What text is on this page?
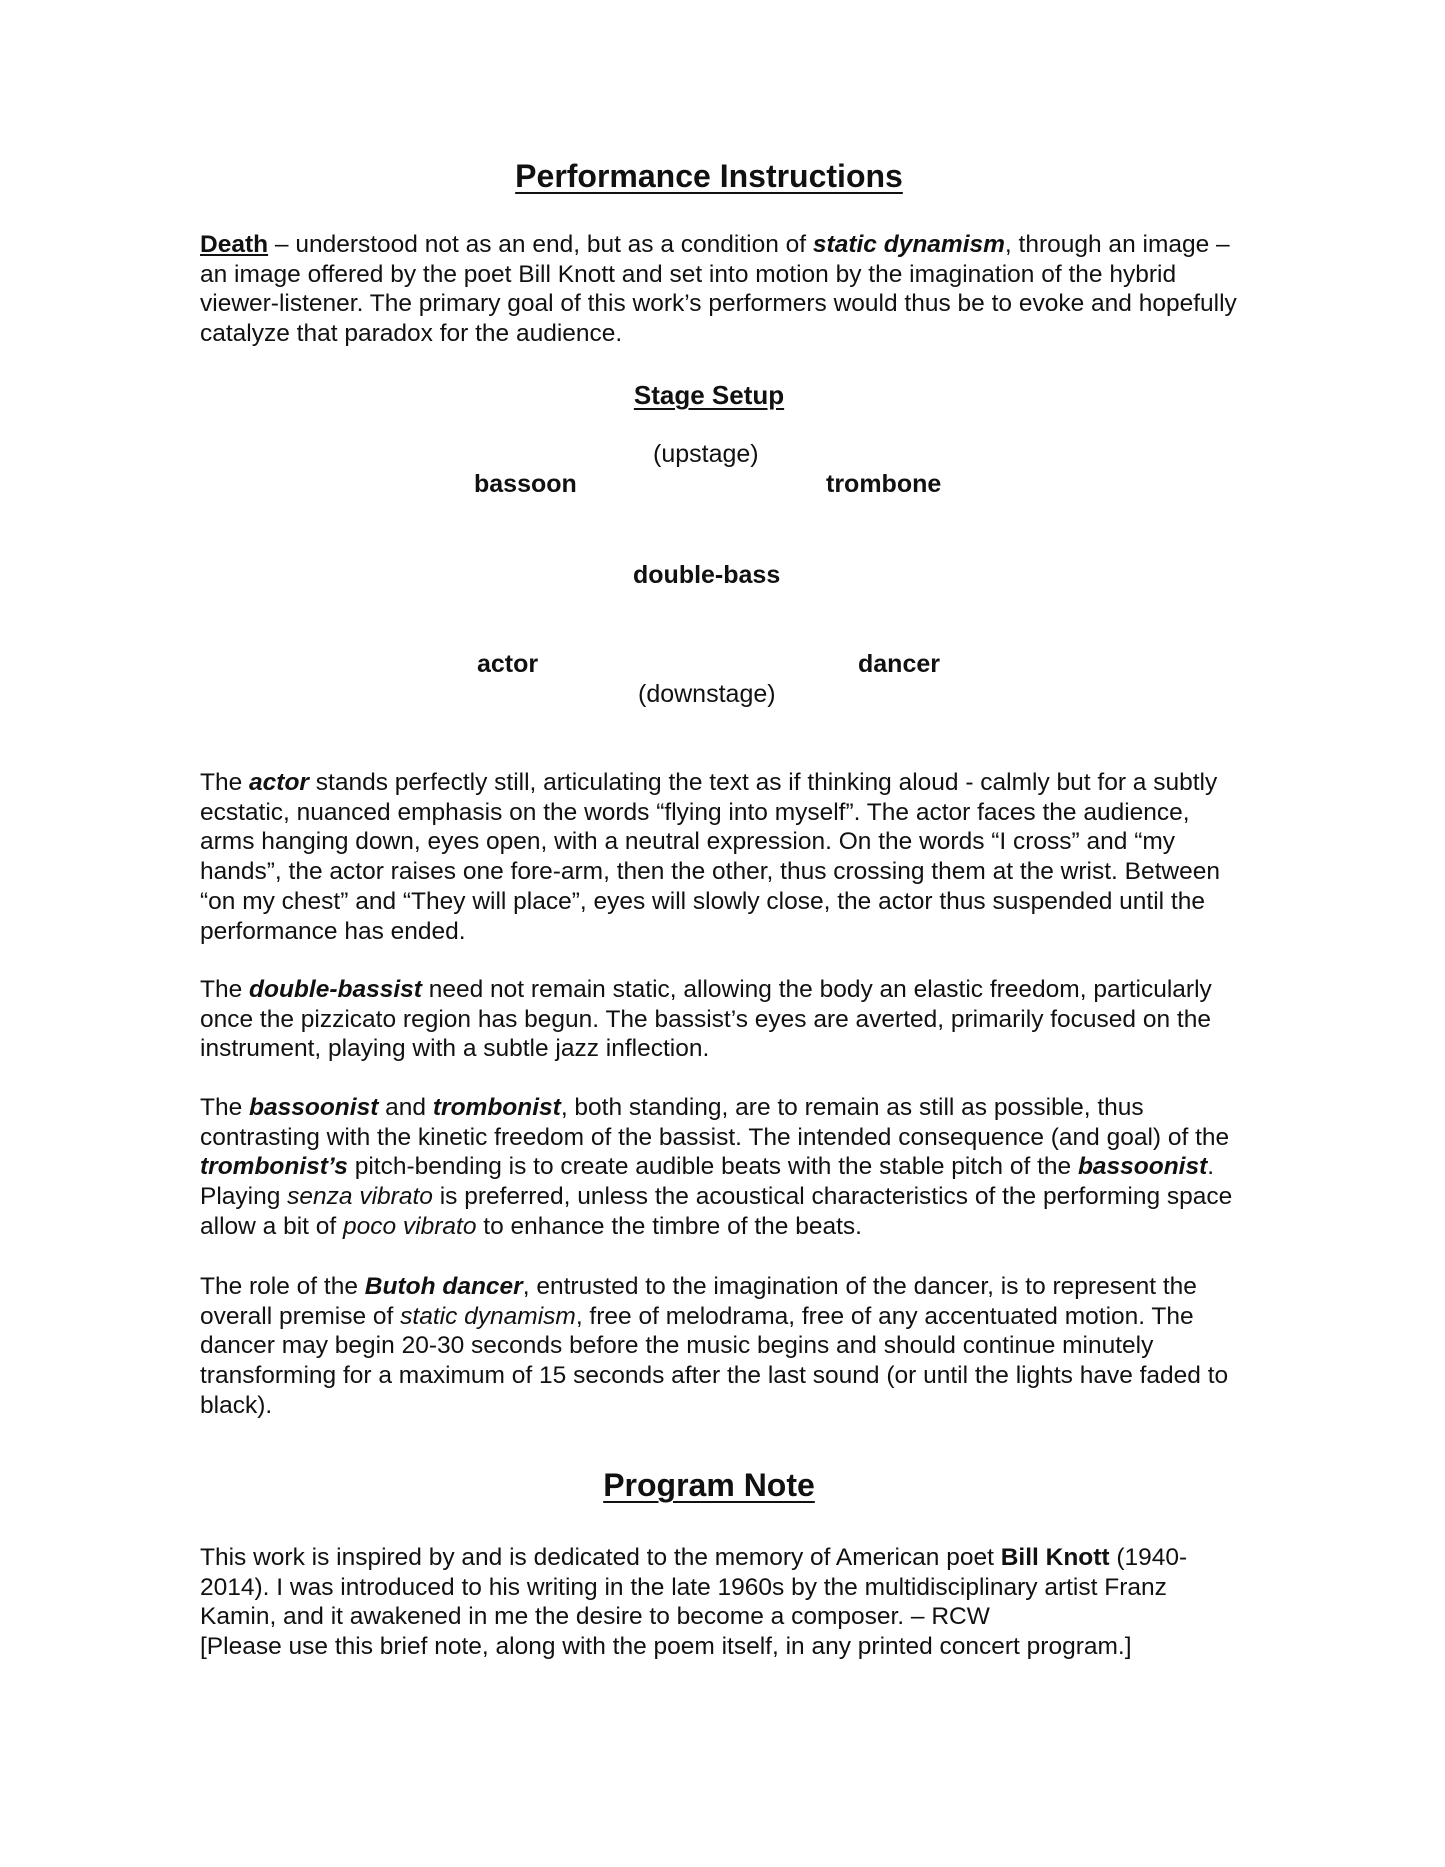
Performance Instructions

Death – understood not as an end, but as a condition of static dynamism, through an image – an image offered by the poet Bill Knott and set into motion by the imagination of the hybrid viewer-listener. The primary goal of this work’s performers would thus be to evoke and hopefully catalyze that paradox for the audience.

Stage Setup
(upstage)
bassoon	trombone
double-bass
actor	dancer
(downstage)

The actor stands perfectly still, articulating the text as if thinking aloud - calmly but for a subtly ecstatic, nuanced emphasis on the words “flying into myself”. The actor faces the audience, arms hanging down, eyes open, with a neutral expression. On the words “I cross” and “my hands”, the actor raises one fore-arm, then the other, thus crossing them at the wrist. Between “on my chest” and “They will place”, eyes will slowly close, the actor thus suspended until the performance has ended.

The double-bassist need not remain static, allowing the body an elastic freedom, particularly once the pizzicato region has begun. The bassist’s eyes are averted, primarily focused on the instrument, playing with a subtle jazz inflection.

The bassoonist and trombonist, both standing, are to remain as still as possible, thus contrasting with the kinetic freedom of the bassist. The intended consequence (and goal) of the trombonist’s pitch-bending is to create audible beats with the stable pitch of the bassoonist. Playing senza vibrato is preferred, unless the acoustical characteristics of the performing space allow a bit of poco vibrato to enhance the timbre of the beats.

The role of the Butoh dancer, entrusted to the imagination of the dancer, is to represent the overall premise of static dynamism, free of melodrama, free of any accentuated motion. The dancer may begin 20-30 seconds before the music begins and should continue minutely transforming for a maximum of 15 seconds after the last sound (or until the lights have faded to black).

Program Note

This work is inspired by and is dedicated to the memory of American poet Bill Knott (1940-2014). I was introduced to his writing in the late 1960s by the multidisciplinary artist Franz Kamin, and it awakened in me the desire to become a composer. – RCW
[Please use this brief note, along with the poem itself, in any printed concert program.]
